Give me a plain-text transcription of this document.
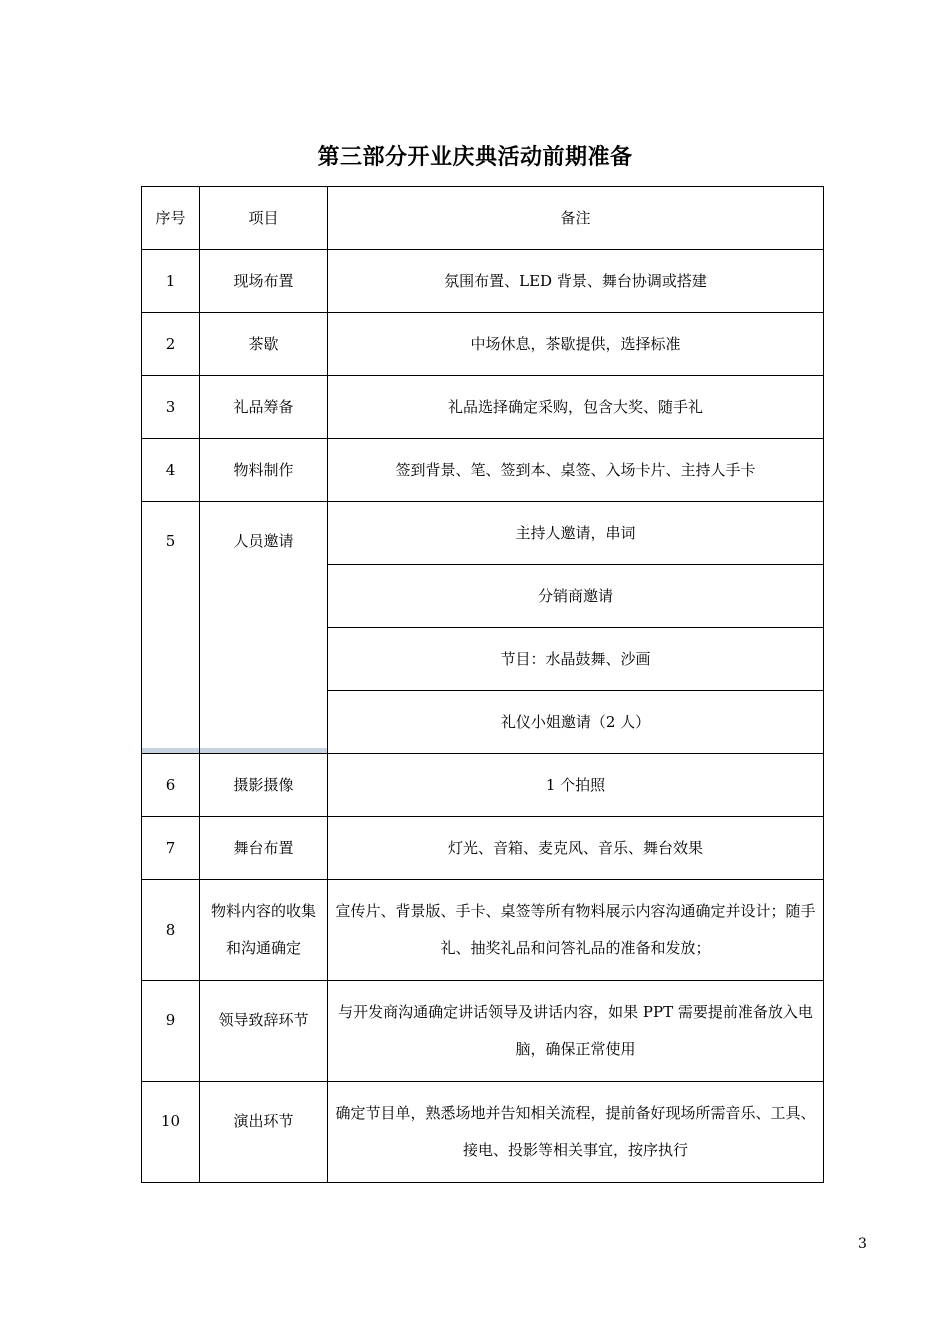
第三部分开业庆典活动前期准备
序号	项目	备注
1	现场布置	氛围布置、LED 背景、舞台协调或搭建
2	茶歇	中场休息，茶歇提供，选择标准
3	礼品筹备	礼品选择确定采购，包含大奖、随手礼
4	物料制作	签到背景、笔、签到本、桌签、入场卡片、主持人手卡

5	人员邀请	主持人邀请，串词
		分销商邀请
		节目：水晶鼓舞、沙画
		礼仪小姐邀请（2 人）
6	摄影摄像	1 个拍照
7	舞台布置	灯光、音箱、麦克风、音乐、舞台效果
8	物料内容的收集和沟通确定	宣传片、背景版、手卡、桌签等所有物料展示内容沟通确定并设计；随手礼、抽奖礼品和问答礼品的准备和发放；

9	领导致辞环节	与开发商沟通确定讲话领导及讲话内容，如果 PPT 需要提前准备放入电脑，确保正常使用

10	演出环节	确定节目单，熟悉场地并告知相关流程，提前备好现场所需音乐、工具、接电、投影等相关事宜，按序执行
3
